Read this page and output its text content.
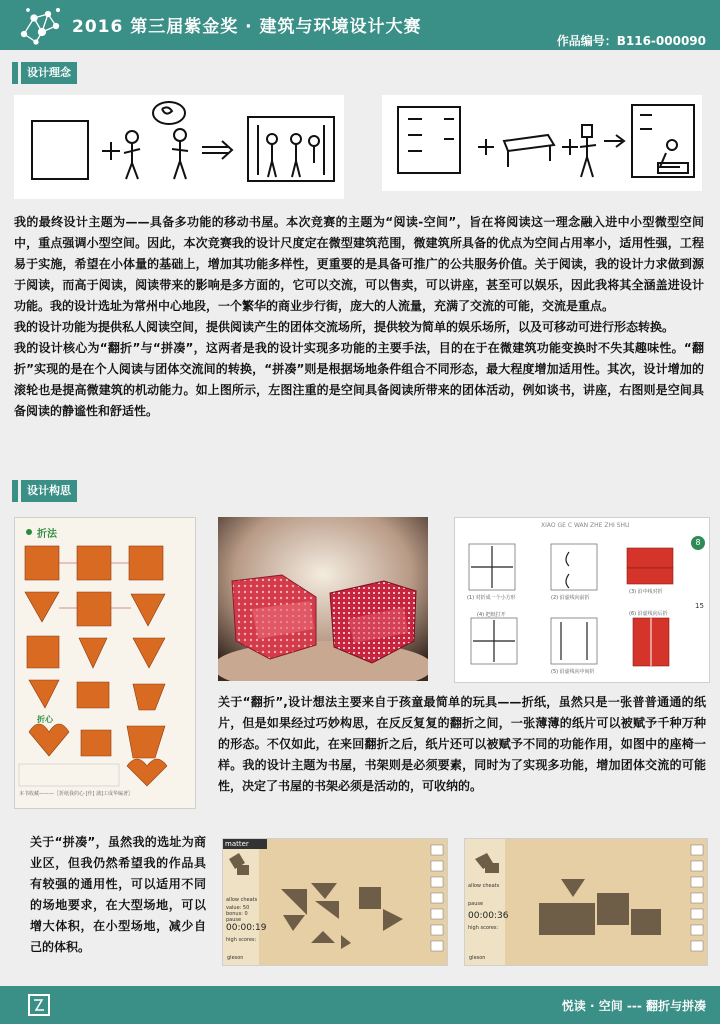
2016 第三届紫金奖 · 建筑与环境设计大赛
作品编号：B116-000090
设计理念

我的最终设计主题为——具备多功能的移动书屋。本次竞赛的主题为“阅读-空间”，旨在将阅读这一理念融入进中小型微型空间中，重点强调小型空间。因此，本次竞赛我的设计尺度定在微型建筑范围，微建筑所具备的优点为空间占用率小，适用性强，工程易于实施，希望在小体量的基础上，增加其功能多样性，更重要的是具备可推广的公共服务价值。关于阅读，我的设计力求做到源于阅读，而高于阅读，阅读带来的影响是多方面的，它可以交流，可以售卖，可以讲座，甚至可以娱乐，因此我将其全涵盖进设计功能。我的设计选址为常州中心地段，一个繁华的商业步行街，庞大的人流量，充满了交流的可能，交流是重点。

我的设计功能为提供私人阅读空间，提供阅读产生的团体交流场所，提供较为简单的娱乐场所，以及可移动可进行形态转换。

我的设计核心为“翻折”与“拼凑”，这两者是我的设计实现多功能的主要手法，目的在于在微建筑功能变换时不失其趣味性。“翻折”实现的是在个人阅读与团体交流间的转换，“拼凑”则是根据场地条件组合不同形态，最大程度增加适用性。其次，设计增加的滚轮也是提高微建筑的机动能力。如上图所示，左图注重的是空间具备阅读所带来的团体活动，例如谈书，讲座，右图则是空间具备阅读的静谧性和舒适性。

设计构思
折法
折心
本书收藏———〖折纸我的心·[作] 漓]工成华编著〗
XIAO GE C WAN ZHE ZHI SHU
8
15
(1) 对折成一个小方形	(2) 沿虚线向前折
(3) 沿中线对折
(4) 把纸打开
(5) 沿虚线向中间折
(6) 沿虚线向后折
关于“翻折”,设计想法主要来自于孩童最简单的玩具——折纸，虽然只是一张普普通通的纸片，但是如果经过巧妙构思，在反反复复的翻折之间，一张薄薄的纸片可以被赋予千种万种的形态。不仅如此，在来回翻折之后，纸片还可以被赋予不同的功能作用，如图中的座椅一样。我的设计主题为书屋，书架则是必须要素，同时为了实现多功能，增加团体交流的可能性，决定了书屋的书架必须是活动的，可收纳的。
关于“拼凑”，虽然我的选址为商业区，但我仍然希望我的作品具有较强的通用性，可以适用不同的场地要求，在大型场地，可以增大体积，在小型场地，减少自己的体积。
matter
allow cheats
value: 50
bonus: 0
pause
00:00:19
high scores:
gleson
allow cheats
pause
00:00:36
high scores:
gleson
悦读 · 空间 --- 翻折与拼凑
